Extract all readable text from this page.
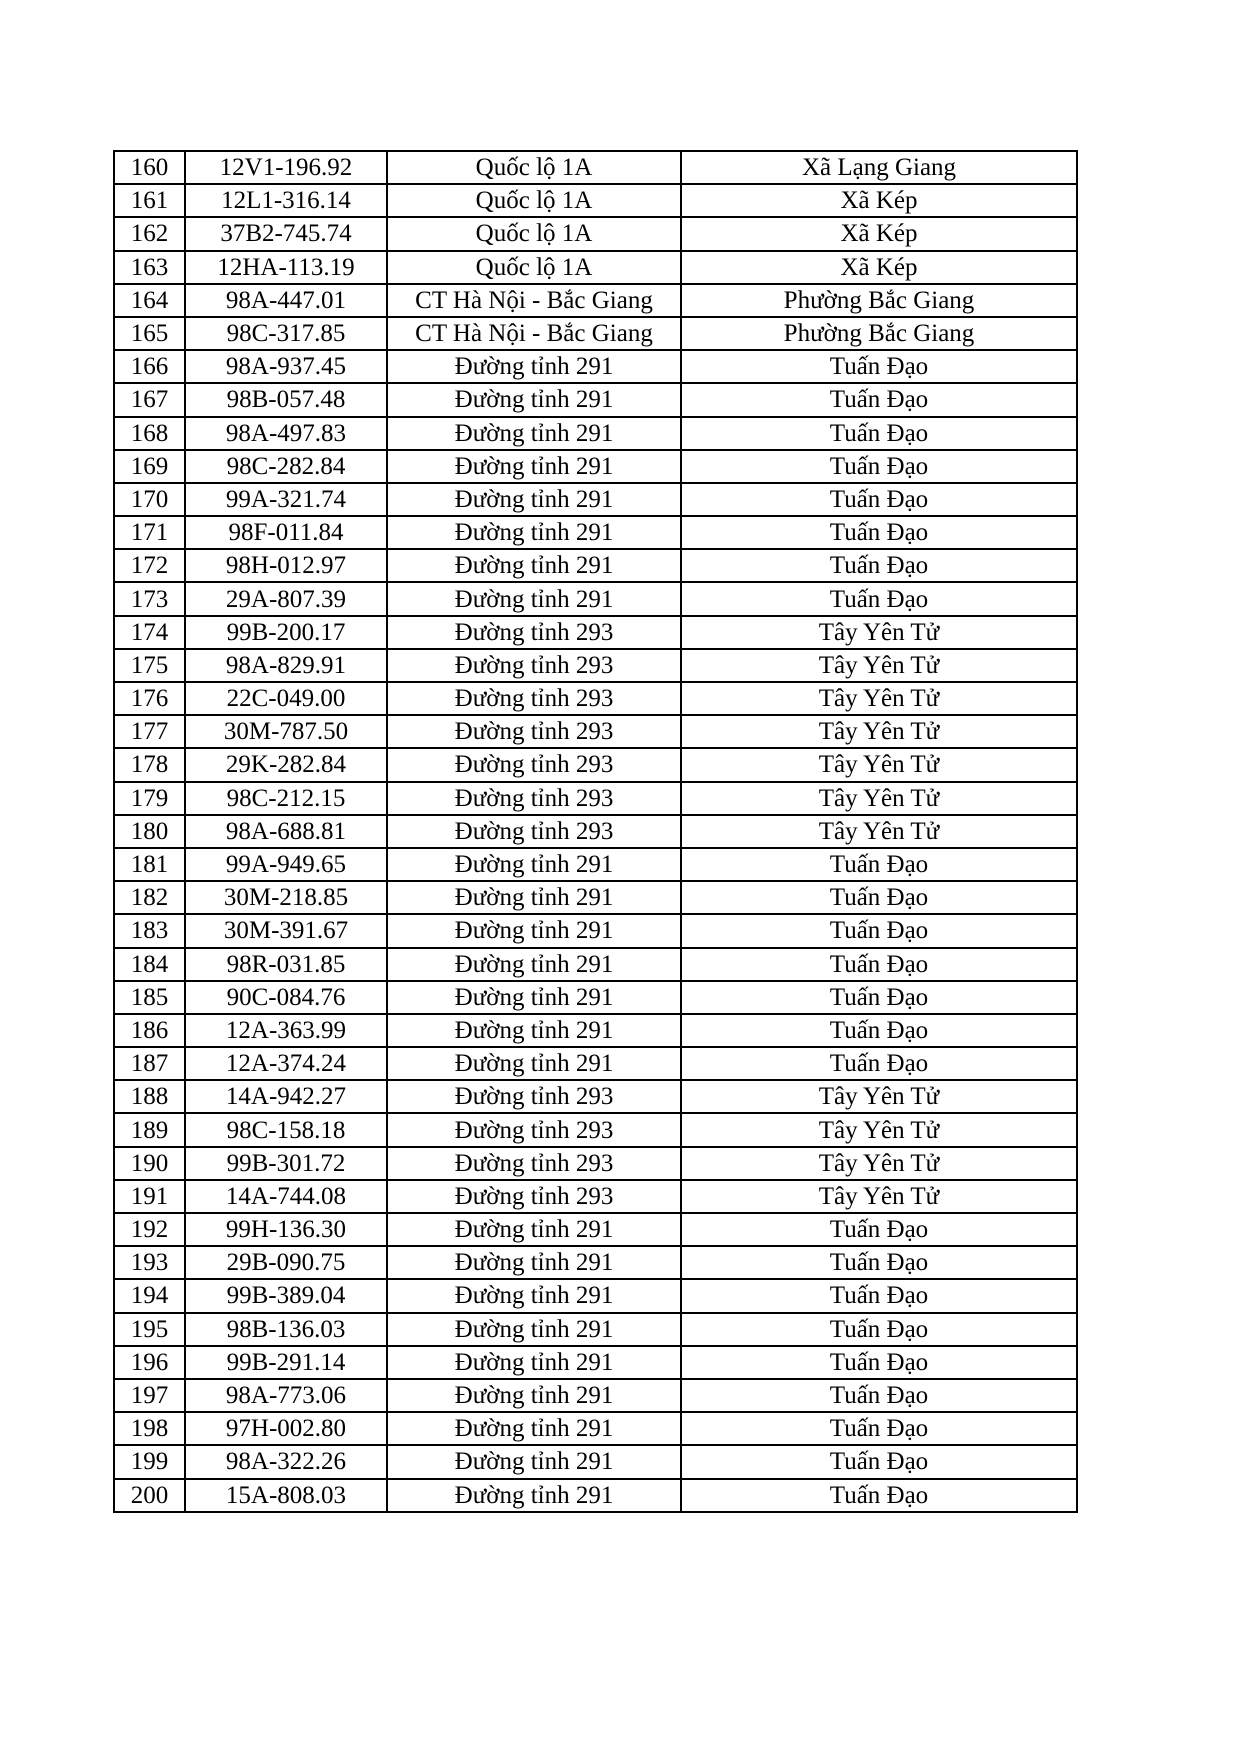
160	12V1-196.92	Quốc lộ 1A	Xã Lạng Giang
161	12L1-316.14	Quốc lộ 1A	Xã Kép
162	37B2-745.74	Quốc lộ 1A	Xã Kép
163	12HA-113.19	Quốc lộ 1A	Xã Kép
164	98A-447.01	CT Hà Nội - Bắc Giang	Phường Bắc Giang
165	98C-317.85	CT Hà Nội - Bắc Giang	Phường Bắc Giang
166	98A-937.45	Đường tỉnh 291	Tuấn Đạo
167	98B-057.48	Đường tỉnh 291	Tuấn Đạo
168	98A-497.83	Đường tỉnh 291	Tuấn Đạo
169	98C-282.84	Đường tỉnh 291	Tuấn Đạo
170	99A-321.74	Đường tỉnh 291	Tuấn Đạo
171	98F-011.84	Đường tỉnh 291	Tuấn Đạo
172	98H-012.97	Đường tỉnh 291	Tuấn Đạo
173	29A-807.39	Đường tỉnh 291	Tuấn Đạo
174	99B-200.17	Đường tỉnh 293	Tây Yên Tử
175	98A-829.91	Đường tỉnh 293	Tây Yên Tử
176	22C-049.00	Đường tỉnh 293	Tây Yên Tử
177	30M-787.50	Đường tỉnh 293	Tây Yên Tử
178	29K-282.84	Đường tỉnh 293	Tây Yên Tử
179	98C-212.15	Đường tỉnh 293	Tây Yên Tử
180	98A-688.81	Đường tỉnh 293	Tây Yên Tử
181	99A-949.65	Đường tỉnh 291	Tuấn Đạo
182	30M-218.85	Đường tỉnh 291	Tuấn Đạo
183	30M-391.67	Đường tỉnh 291	Tuấn Đạo
184	98R-031.85	Đường tỉnh 291	Tuấn Đạo
185	90C-084.76	Đường tỉnh 291	Tuấn Đạo
186	12A-363.99	Đường tỉnh 291	Tuấn Đạo
187	12A-374.24	Đường tỉnh 291	Tuấn Đạo
188	14A-942.27	Đường tỉnh 293	Tây Yên Tử
189	98C-158.18	Đường tỉnh 293	Tây Yên Tử
190	99B-301.72	Đường tỉnh 293	Tây Yên Tử
191	14A-744.08	Đường tỉnh 293	Tây Yên Tử
192	99H-136.30	Đường tỉnh 291	Tuấn Đạo
193	29B-090.75	Đường tỉnh 291	Tuấn Đạo
194	99B-389.04	Đường tỉnh 291	Tuấn Đạo
195	98B-136.03	Đường tỉnh 291	Tuấn Đạo
196	99B-291.14	Đường tỉnh 291	Tuấn Đạo
197	98A-773.06	Đường tỉnh 291	Tuấn Đạo
198	97H-002.80	Đường tỉnh 291	Tuấn Đạo
199	98A-322.26	Đường tỉnh 291	Tuấn Đạo
200	15A-808.03	Đường tỉnh 291	Tuấn Đạo
